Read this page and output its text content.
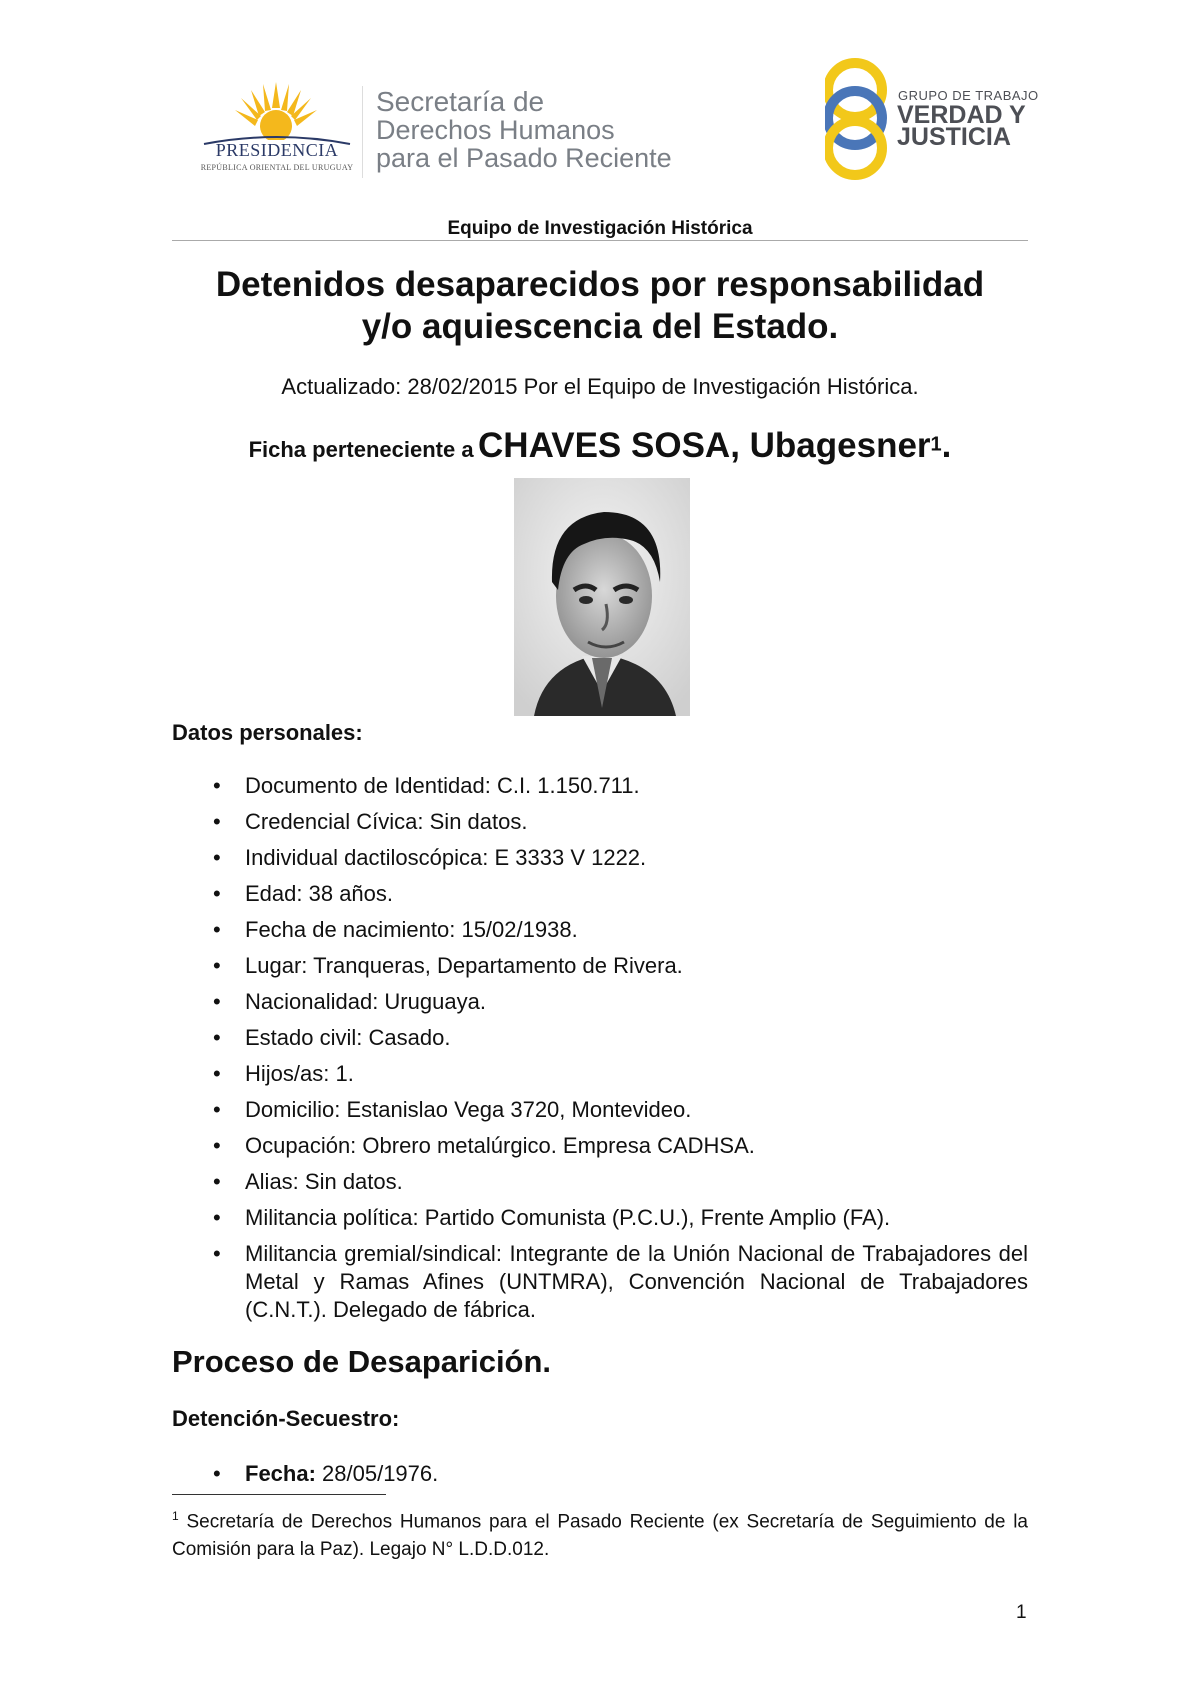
PRESIDENCIA
REPÚBLICA ORIENTAL DEL URUGUAY
Secretaría de
Derechos Humanos
para el Pasado Reciente
GRUPO DE TRABAJO
VERDAD Y
JUSTICIA
Equipo de Investigación Histórica
Detenidos desaparecidos por responsabilidad
y/o aquiescencia del Estado.
Actualizado: 28/02/2015 Por el Equipo de Investigación Histórica.
Ficha perteneciente a CHAVES SOSA, Ubagesner$^1$.
Datos personales:
• Documento de Identidad: C.I. 1.150.711.
• Credencial Cívica: Sin datos.
• Individual dactiloscópica: E 3333 V 1222.
• Edad: 38 años.
• Fecha de nacimiento: 15/02/1938.
• Lugar: Tranqueras, Departamento de Rivera.
• Nacionalidad: Uruguaya.
• Estado civil: Casado.
• Hijos/as: 1.
• Domicilio: Estanislao Vega 3720, Montevideo.
• Ocupación: Obrero metalúrgico. Empresa CADHSA.
• Alias: Sin datos.
• Militancia política: Partido Comunista (P.C.U.), Frente Amplio (FA).
• Militancia gremial/sindical: Integrante de la Unión Nacional de Trabajadores del Metal y Ramas Afines (UNTMRA), Convención Nacional de Trabajadores (C.N.T.). Delegado de fábrica.
Proceso de Desaparición.
Detención-Secuestro:
• Fecha: 28/05/1976.
$^1$ Secretaría de Derechos Humanos para el Pasado Reciente (ex Secretaría de Seguimiento de la Comisión para la Paz). Legajo N° L.D.D.012.
1
